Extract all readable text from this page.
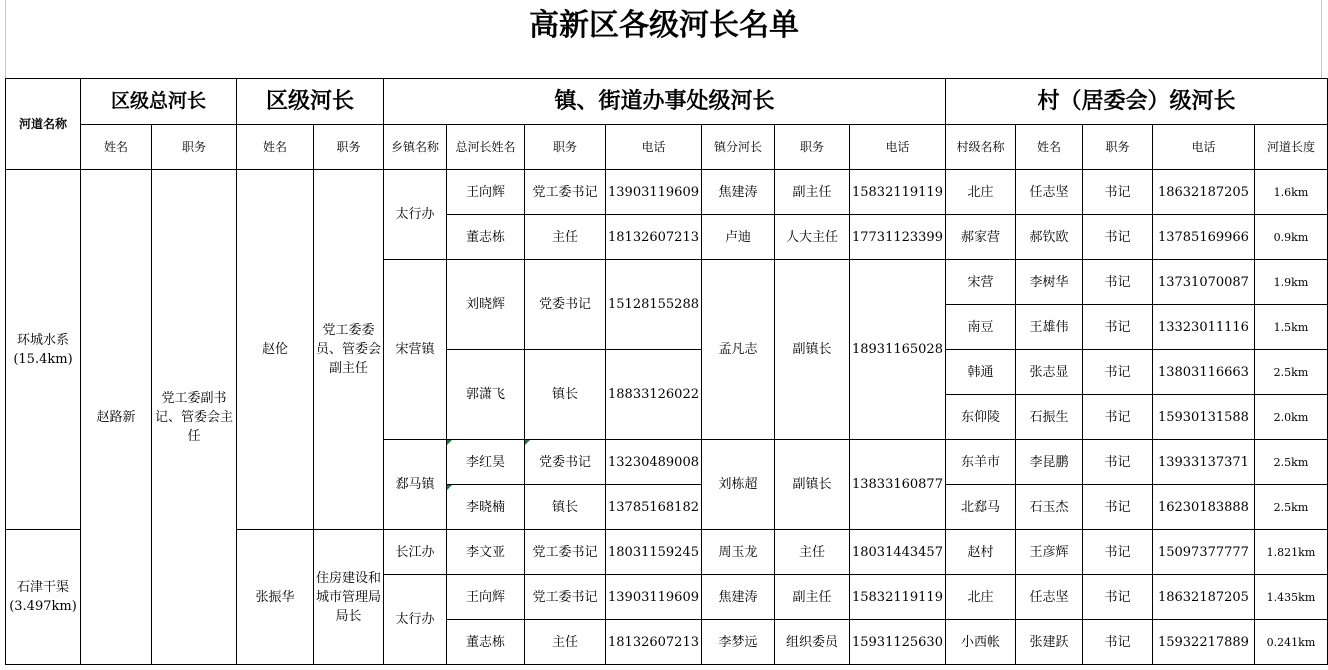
高新区各级河长名单
河道名称	区级总河长		区级河长		镇、街道办事处级河长							村（居委会）级河长				
	姓名	职务	姓名	职务	乡镇名称	总河长姓名	职务	电话	镇分河长	职务	电话	村级名称	姓名	职务	电话	河道长度

环城水系
(15.4km)	赵路新	党工委副书记、管委会主任	赵伦	党工委委员、管委会副主任	太行办	王向辉	党工委书记	13903119609	焦建涛	副主任	15832119119	北庄	任志坚	书记	18632187205	1.6km
						董志栋	主任	18132607213	卢迪	人大主任	17731123399	郝家营	郝钦欧	书记	13785169966	0.9km
					宋营镇	刘晓辉	党委书记	15128155288	孟凡志	副镇长	18931165028	宋营	李树华	书记	13731070087	1.9km
												南豆	王雄伟	书记	13323011116	1.5km
						郭潇飞	镇长	18833126022				韩通	张志显	书记	13803116663	2.5km
												东仰陵	石振生	书记	15930131588	2.0km
					郄马镇	李红昊	党委书记	13230489008	刘栋超	副镇长	13833160877	东羊市	李昆鹏	书记	13933137371	2.5km
						李晓楠	镇长	13785168182				北郄马	石玉杰	书记	16230183888	2.5km

石津干渠
(3.497km)			张振华	住房建设和城市管理局局长	长江办	李文亚	党工委书记	18031159245	周玉龙	主任	18031443457	赵村	王彦辉	书记	15097377777	1.821km
					太行办	王向辉	党工委书记	13903119609	焦建涛	副主任	15832119119	北庄	任志坚	书记	18632187205	1.435km
						董志栋	主任	18132607213	李梦远	组织委员	15931125630	小西帐	张建跃	书记	15932217889	0.241km
